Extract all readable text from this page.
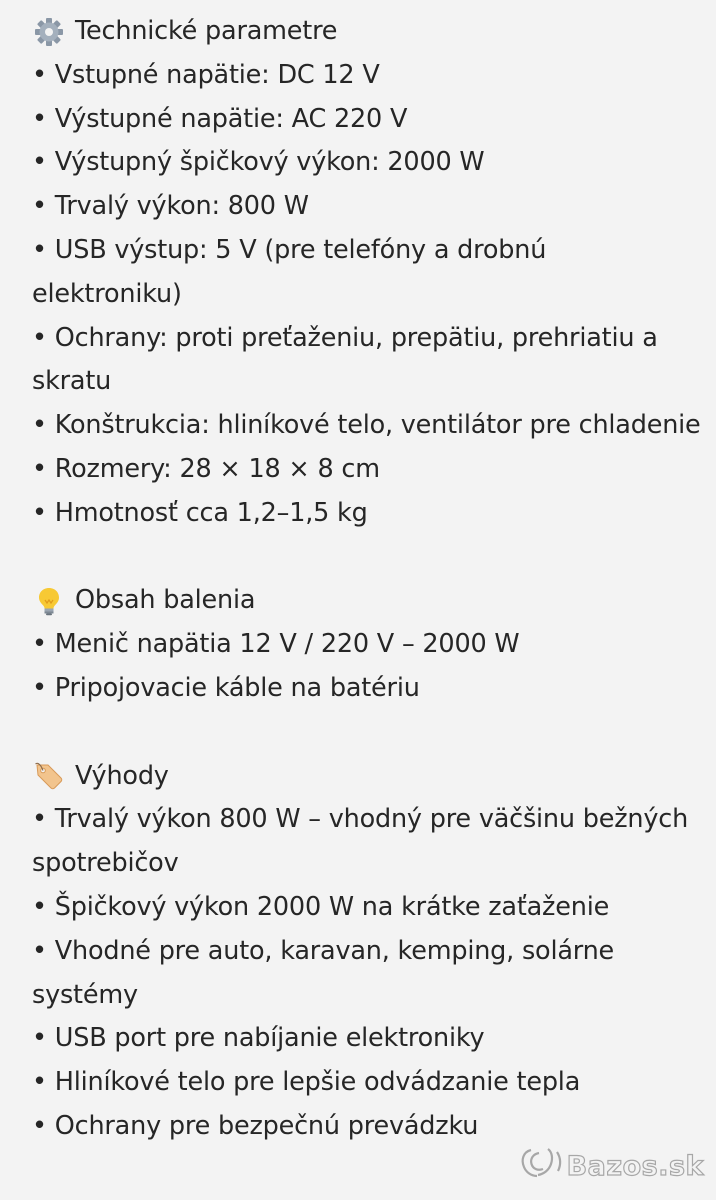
Technické parametre
• Vstupné napätie: DC 12 V
• Výstupné napätie: AC 220 V
• Výstupný špičkový výkon: 2000 W
• Trvalý výkon: 800 W
• USB výstup: 5 V (pre telefóny a drobnú elektroniku)
• Ochrany: proti preťaženiu, prepätiu, prehriatiu a skratu
• Konštrukcia: hliníkové telo, ventilátor pre chladenie
• Rozmery: 28 × 18 × 8 cm
• Hmotnosť cca 1,2–1,5 kg
Obsah balenia
• Menič napätia 12 V / 220 V – 2000 W
• Pripojovacie káble na batériu
Výhody
• Trvalý výkon 800 W – vhodný pre väčšinu bežných spotrebičov
• Špičkový výkon 2000 W na krátke zaťaženie
• Vhodné pre auto, karavan, kemping, solárne systémy
• USB port pre nabíjanie elektroniky
• Hliníkové telo pre lepšie odvádzanie tepla
• Ochrany pre bezpečnú prevádzku
Bazos.sk
